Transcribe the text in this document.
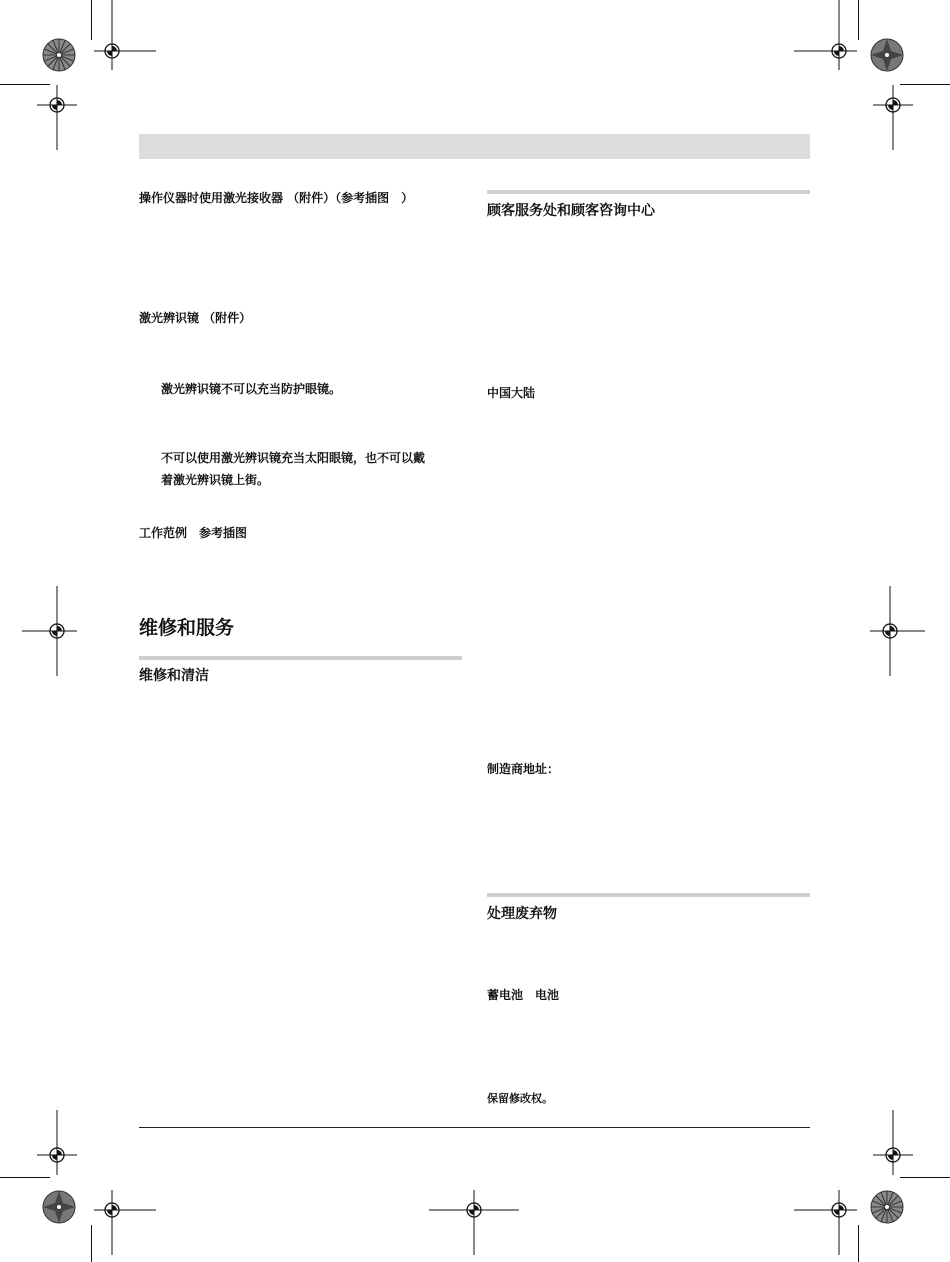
操作仪器时使用激光接收器 （附件）（参考插图　）
激光辨识镜 （附件）
激光辨识镜不可以充当防护眼镜。
不可以使用激光辨识镜充当太阳眼镜，也不可以戴
着激光辨识镜上街。
工作范例　参考插图
维修和服务
维修和清洁
顾客服务处和顾客咨询中心
中国大陆
制造商地址：
处理废弃物
蓄电池　电池
保留修改权。
